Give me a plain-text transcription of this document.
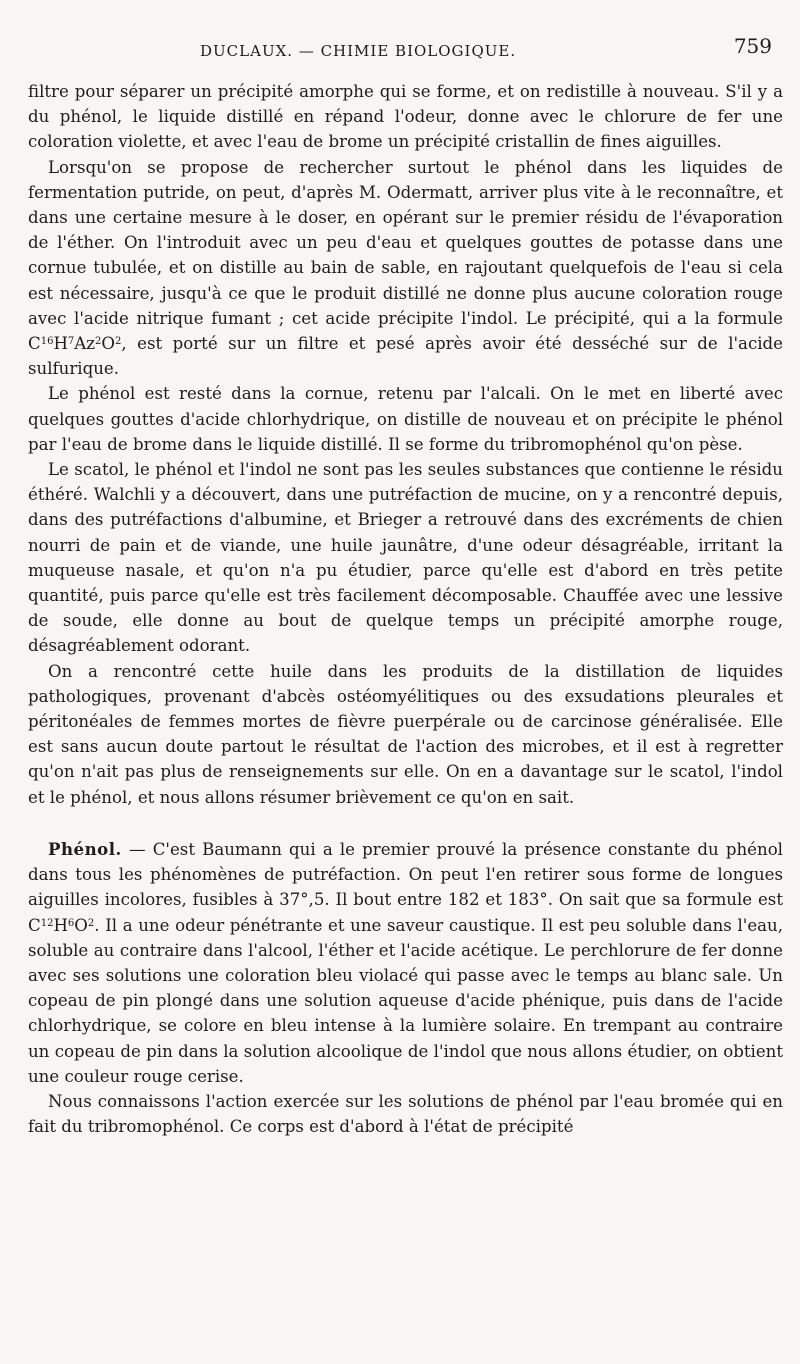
DUCLAUX. — CHIMIE BIOLOGIQUE.	759

filtre pour séparer un précipité amorphe qui se forme, et on redistille à nouveau. S'il y a du phénol, le liquide distillé en répand l'odeur, donne avec le chlorure de fer une coloration violette, et avec l'eau de brome un précipité cristallin de fines aiguilles.

Lorsqu'on se propose de rechercher surtout le phénol dans les liquides de fermentation putride, on peut, d'après M. Odermatt, arriver plus vite à le reconnaître, et dans une certaine mesure à le doser, en opérant sur le premier résidu de l'évaporation de l'éther. On l'introduit avec un peu d'eau et quelques gouttes de potasse dans une cornue tubulée, et on distille au bain de sable, en rajoutant quelquefois de l'eau si cela est nécessaire, jusqu'à ce que le produit distillé ne donne plus aucune coloration rouge avec l'acide nitrique fumant ; cet acide précipite l'indol. Le précipité, qui a la formule $C^{16}H^7Az^2O^2$, est porté sur un filtre et pesé après avoir été desséché sur de l'acide sulfurique.

Le phénol est resté dans la cornue, retenu par l'alcali. On le met en liberté avec quelques gouttes d'acide chlorhydrique, on distille de nouveau et on précipite le phénol par l'eau de brome dans le liquide distillé. Il se forme du tribromophénol qu'on pèse.

Le scatol, le phénol et l'indol ne sont pas les seules substances que contienne le résidu éthéré. Walchli y a découvert, dans une putréfaction de mucine, on y a rencontré depuis, dans des putréfactions d'albumine, et Brieger a retrouvé dans des excréments de chien nourri de pain et de viande, une huile jaunâtre, d'une odeur désagréable, irritant la muqueuse nasale, et qu'on n'a pu étudier, parce qu'elle est d'abord en très petite quantité, puis parce qu'elle est très facilement décomposable. Chauffée avec une lessive de soude, elle donne au bout de quelque temps un précipité amorphe rouge, désagréablement odorant.

On a rencontré cette huile dans les produits de la distillation de liquides pathologiques, provenant d'abcès ostéomyélitiques ou des exsudations pleurales et péritonéales de femmes mortes de fièvre puerpérale ou de carcinose généralisée. Elle est sans aucun doute partout le résultat de l'action des microbes, et il est à regretter qu'on n'ait pas plus de renseignements sur elle. On en a davantage sur le scatol, l'indol et le phénol, et nous allons résumer brièvement ce qu'on en sait.

Phénol. — C'est Baumann qui a le premier prouvé la présence constante du phénol dans tous les phénomènes de putréfaction. On peut l'en retirer sous forme de longues aiguilles incolores, fusibles à 37°,5. Il bout entre 182 et 183°. On sait que sa formule est $C^{12}H^6O^2$. Il a une odeur pénétrante et une saveur caustique. Il est peu soluble dans l'eau, soluble au contraire dans l'alcool, l'éther et l'acide acétique. Le perchlorure de fer donne avec ses solutions une coloration bleu violacé qui passe avec le temps au blanc sale. Un copeau de pin plongé dans une solution aqueuse d'acide phénique, puis dans de l'acide chlorhydrique, se colore en bleu intense à la lumière solaire. En trempant au contraire un copeau de pin dans la solution alcoolique de l'indol que nous allons étudier, on obtient une couleur rouge cerise.

Nous connaissons l'action exercée sur les solutions de phénol par l'eau bromée qui en fait du tribromophénol. Ce corps est d'abord à l'état de précipité
